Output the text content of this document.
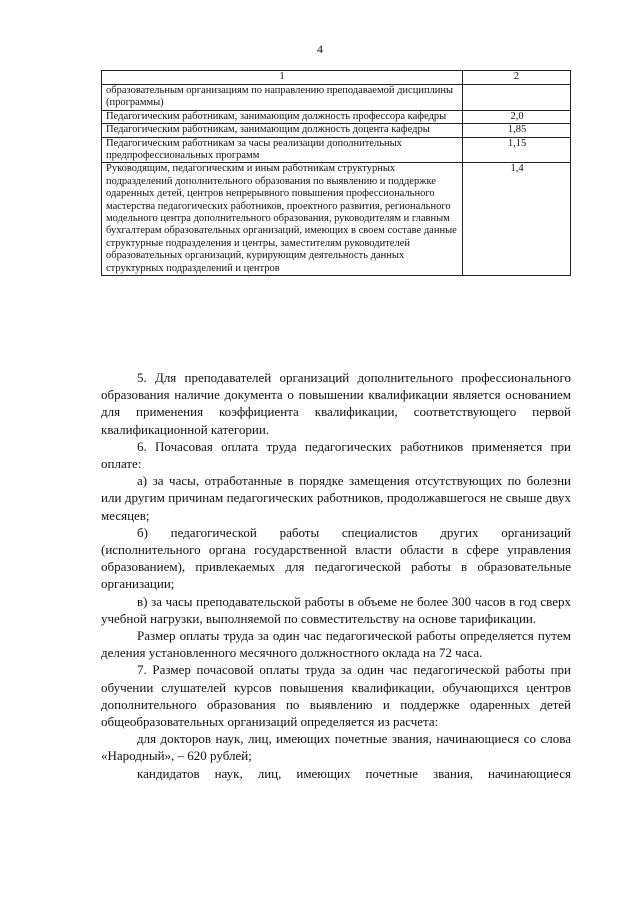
4
1	2
образовательным организациям по направлению преподаваемой дисциплины (программы)	
Педагогическим работникам, занимающим должность профессора кафедры	2,0
Педагогическим работникам, занимающим должность доцента кафедры	1,85
Педагогическим работникам за часы реализации дополнительных предпрофессиональных программ	1,15
Руководящим, педагогическим и иным работникам структурных подразделений дополнительного образования по выявлению и поддержке одаренных детей, центров непрерывного повышения профессионального мастерства педагогических работников, проектного развития, регионального модельного центра дополнительного образования, руководителям и главным бухгалтерам образовательных организаций, имеющих в своем составе данные структурные подразделения и центры, заместителям руководителей образовательных организаций, курирующим деятельность данных структурных подразделений и центров	1,4

5. Для преподавателей организаций дополнительного профессионального образования наличие документа о повышении квалификации является основанием для применения коэффициента квалификации, соответствующего первой квалификационной категории.

6. Почасовая оплата труда педагогических работников применяется при оплате:

а) за часы, отработанные в порядке замещения отсутствующих по болезни или другим причинам педагогических работников, продолжавшегося не свыше двух месяцев;

б) педагогической работы специалистов других организаций (исполнительного органа государственной власти области в сфере управления образованием), привлекаемых для педагогической работы в образовательные организации;

в) за часы преподавательской работы в объеме не более 300 часов в год сверх учебной нагрузки, выполняемой по совместительству на основе тарификации.

Размер оплаты труда за один час педагогической работы определяется путем деления установленного месячного должностного оклада на 72 часа.

7. Размер почасовой оплаты труда за один час педагогической работы при обучении слушателей курсов повышения квалификации, обучающихся центров дополнительного образования по выявлению и поддержке одаренных детей общеобразовательных организаций определяется из расчета:

для докторов наук, лиц, имеющих почетные звания, начинающиеся со слова «Народный», – 620 рублей;

кандидатов наук, лиц, имеющих почетные звания, начинающиеся
